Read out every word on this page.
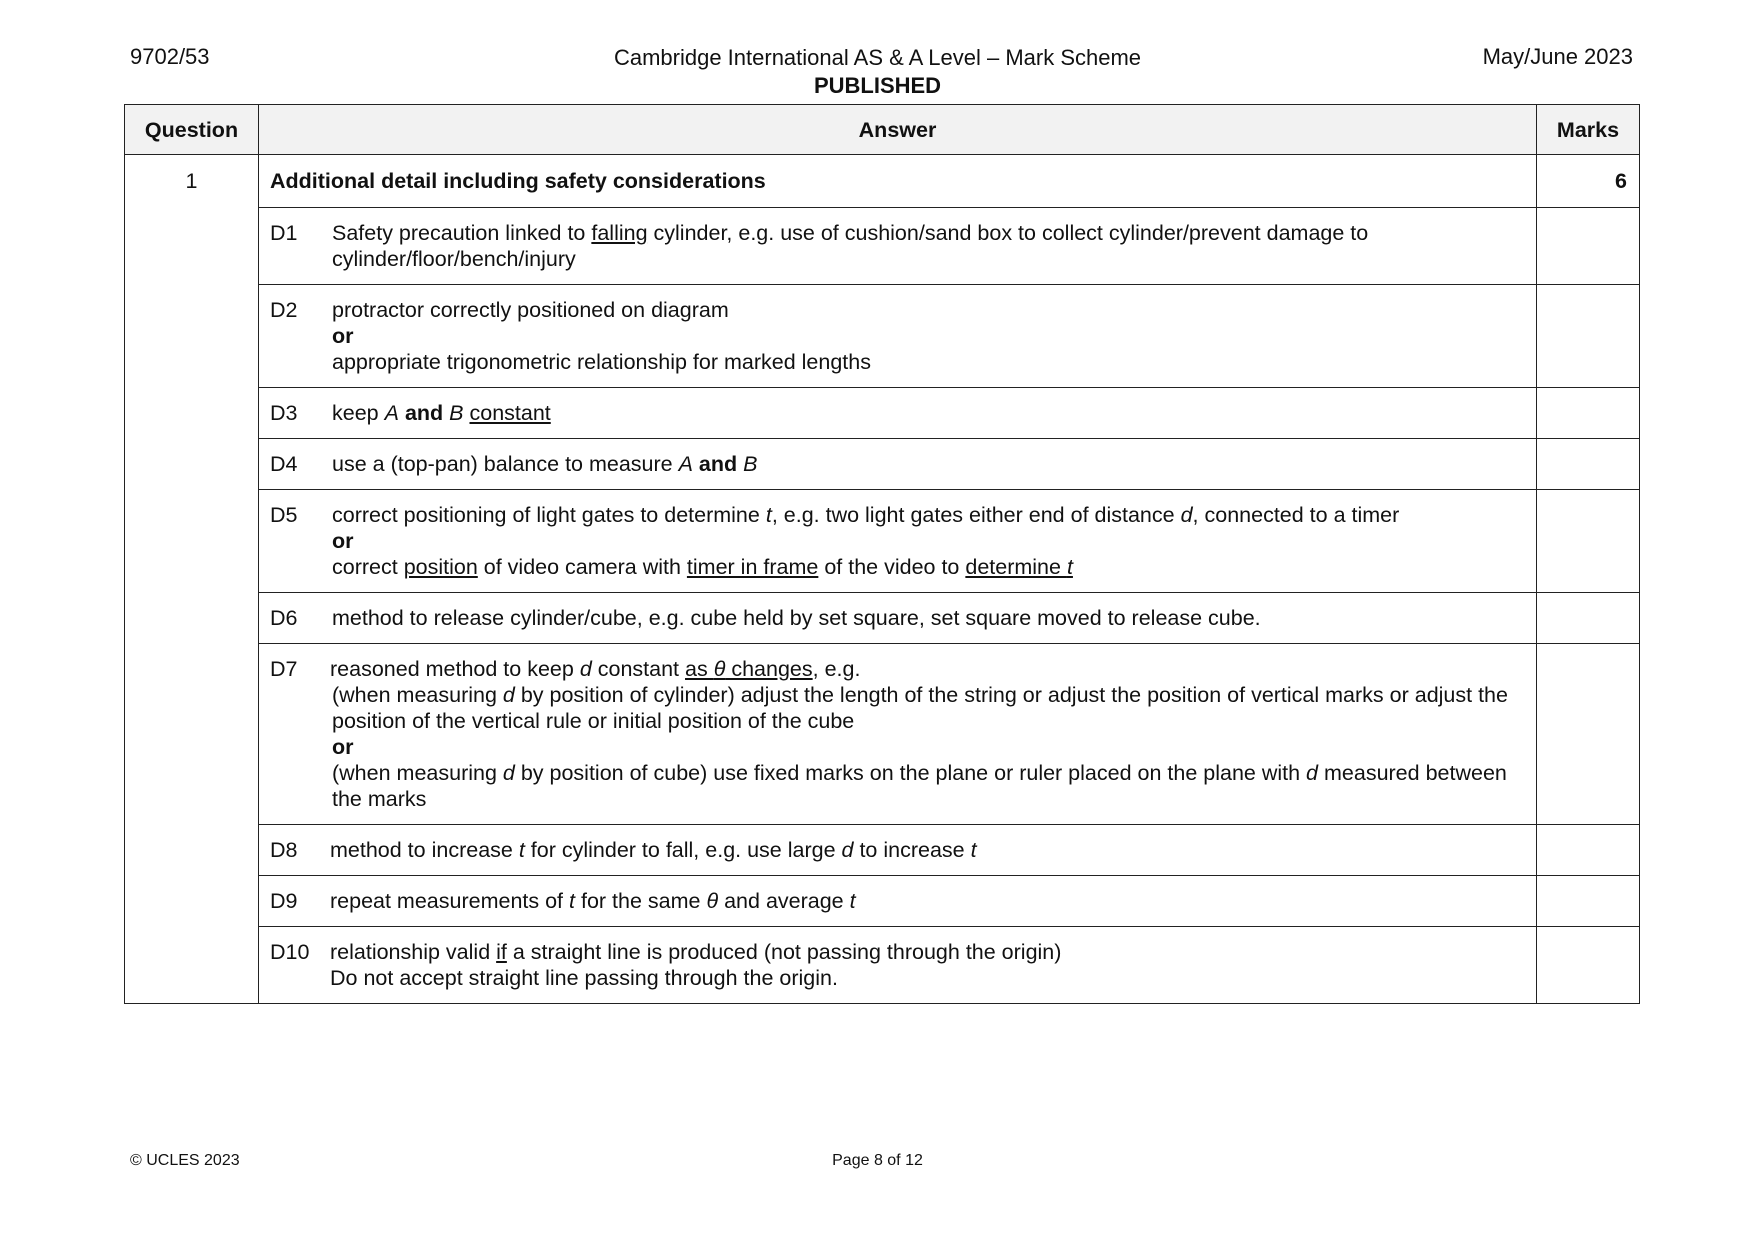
9702/53	Cambridge International AS & A Level – Mark Scheme
PUBLISHED
May/June 2023
Question	Answer	Marks
1	Additional detail including safety considerations	6

	D1 Safety precaution linked to falling cylinder, e.g. use of cushion/sand box to collect cylinder/prevent damage to cylinder/floor/bench/injury	

	D2 protractor correctly positioned on diagram
or
appropriate trigonometric relationship for marked lengths	

	D3 keep A and B constant	

	D4 use a (top-pan) balance to measure A and B	

	D5 correct positioning of light gates to determine t, e.g. two light gates either end of distance d, connected to a timer
or
correct position of video camera with timer in frame of the video to determine t	

	D6 method to release cylinder/cube, e.g. cube held by set square, set square moved to release cube.	

	D7 reasoned method to keep d constant as θ changes, e.g.
(when measuring d by position of cylinder) adjust the length of the string or adjust the position of vertical marks or adjust the position of the vertical rule or initial position of the cube
or
(when measuring d by position of cube) use fixed marks on the plane or ruler placed on the plane with d measured between the marks	

	D8 method to increase t for cylinder to fall, e.g. use large d to increase t	

	D9 repeat measurements of t for the same θ and average t	

	D10 relationship valid if a straight line is produced (not passing through the origin)
Do not accept straight line passing through the origin.	

© UCLES 2023	Page 8 of 12
